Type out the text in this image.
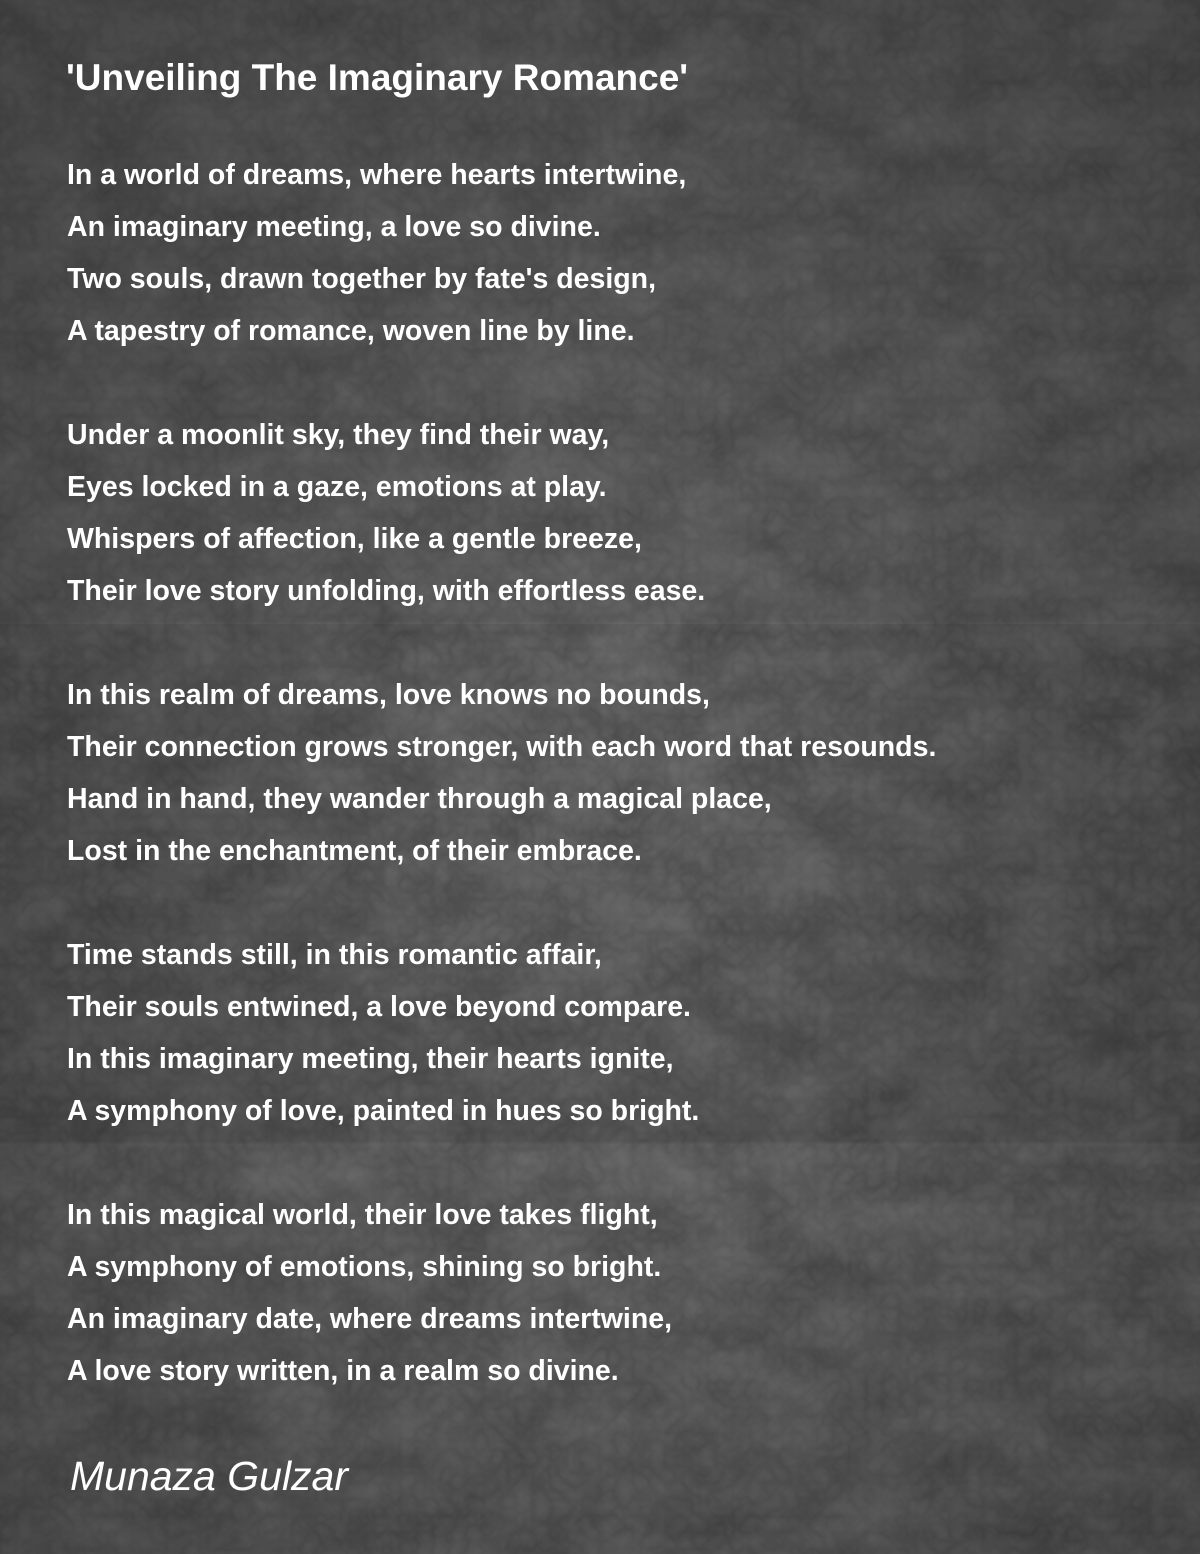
'Unveiling The Imaginary Romance'
In a world of dreams, where hearts intertwine,
An imaginary meeting, a love so divine.
Two souls, drawn together by fate's design,
A tapestry of romance, woven line by line.
Under a moonlit sky, they find their way,
Eyes locked in a gaze, emotions at play.
Whispers of affection, like a gentle breeze,
Their love story unfolding, with effortless ease.
In this realm of dreams, love knows no bounds,
Their connection grows stronger, with each word that resounds.
Hand in hand, they wander through a magical place,
Lost in the enchantment, of their embrace.
Time stands still, in this romantic affair,
Their souls entwined, a love beyond compare.
In this imaginary meeting, their hearts ignite,
A symphony of love, painted in hues so bright.
In this magical world, their love takes flight,
A symphony of emotions, shining so bright.
An imaginary date, where dreams intertwine,
A love story written, in a realm so divine.

Munaza Gulzar
